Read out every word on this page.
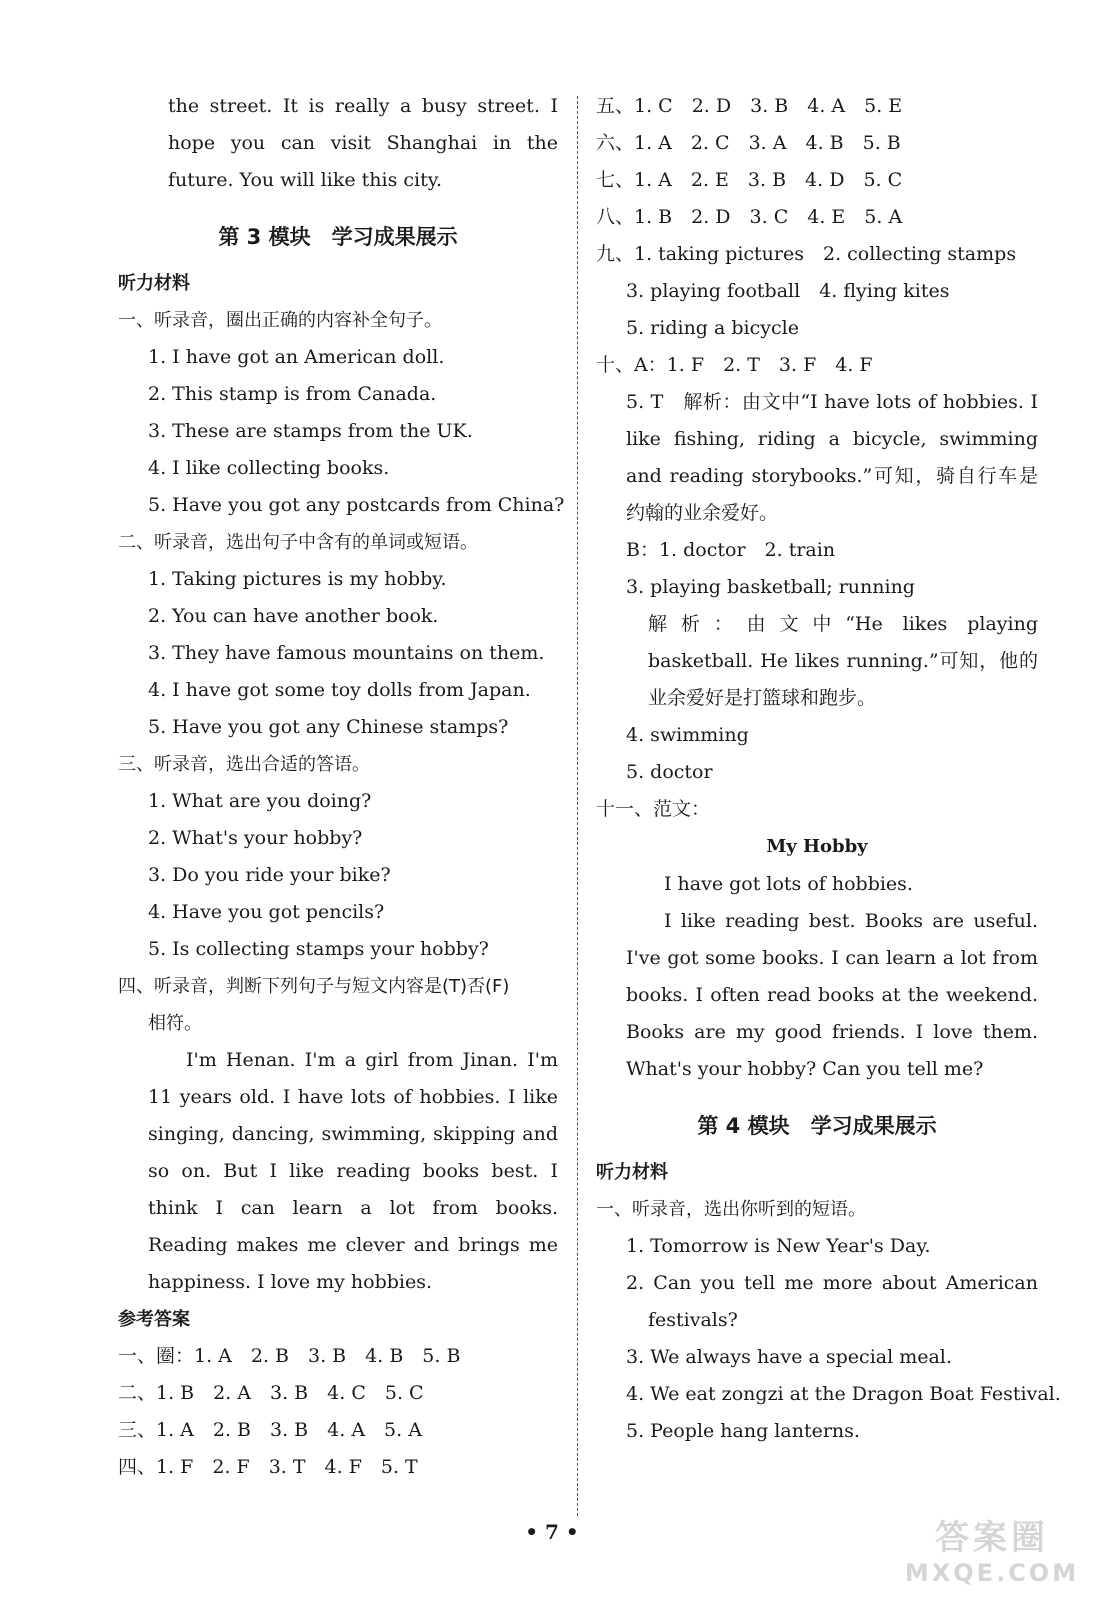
the street. It is really a busy street. I hope you can visit Shanghai in the future. You will like this city.
第 3 模块　学习成果展示
听力材料
一、听录音，圈出正确的内容补全句子。
1. I have got an American doll.
2. This stamp is from Canada.
3. These are stamps from the UK.
4. I like collecting books.
5. Have you got any postcards from China?
二、听录音，选出句子中含有的单词或短语。
1. Taking pictures is my hobby.
2. You can have another book.
3. They have famous mountains on them.
4. I have got some toy dolls from Japan.
5. Have you got any Chinese stamps?
三、听录音，选出合适的答语。
1. What are you doing?
2. What's your hobby?
3. Do you ride your bike?
4. Have you got pencils?
5. Is collecting stamps your hobby?
四、听录音，判断下列句子与短文内容是(T)否(F)
相符。
I'm Henan. I'm a girl from Jinan. I'm 11 years old. I have lots of hobbies. I like singing, dancing, swimming, skipping and so on. But I like reading books best. I think I can learn a lot from books. Reading makes me clever and brings me happiness. I love my hobbies.
参考答案
一、圈：1. A　2. B　3. B　4. B　5. B
二、1. B　2. A　3. B　4. C　5. C
三、1. A　2. B　3. B　4. A　5. A
四、1. F　2. F　3. T　4. F　5. T
五、1. C　2. D　3. B　4. A　5. E
六、1. A　2. C　3. A　4. B　5. B
七、1. A　2. E　3. B　4. D　5. C
八、1. B　2. D　3. C　4. E　5. A
九、1. taking pictures　2. collecting stamps
3. playing football　4. flying kites
5. riding a bicycle
十、A：1. F　2. T　3. F　4. F
5. T　解析：由文中“I have lots of hobbies. I like fishing, riding a bicycle, swimming and reading storybooks.”可知，骑自行车是约翰的业余爱好。
B：1. doctor　2. train
3. playing basketball; running
解析：由文中“He likes playing basketball. He likes running.”可知，他的业余爱好是打篮球和跑步。
4. swimming
5. doctor
十一、范文：
My Hobby
I have got lots of hobbies.
I like reading best. Books are useful. I've got some books. I can learn a lot from books. I often read books at the weekend. Books are my good friends. I love them. What's your hobby? Can you tell me?
第 4 模块　学习成果展示
听力材料
一、听录音，选出你听到的短语。
1. Tomorrow is New Year's Day.
2. Can you tell me more about American festivals?
3. We always have a special meal.
4. We eat zongzi at the Dragon Boat Festival.
5. People hang lanterns.
• 7 •	答案圈
MXQE.COM
